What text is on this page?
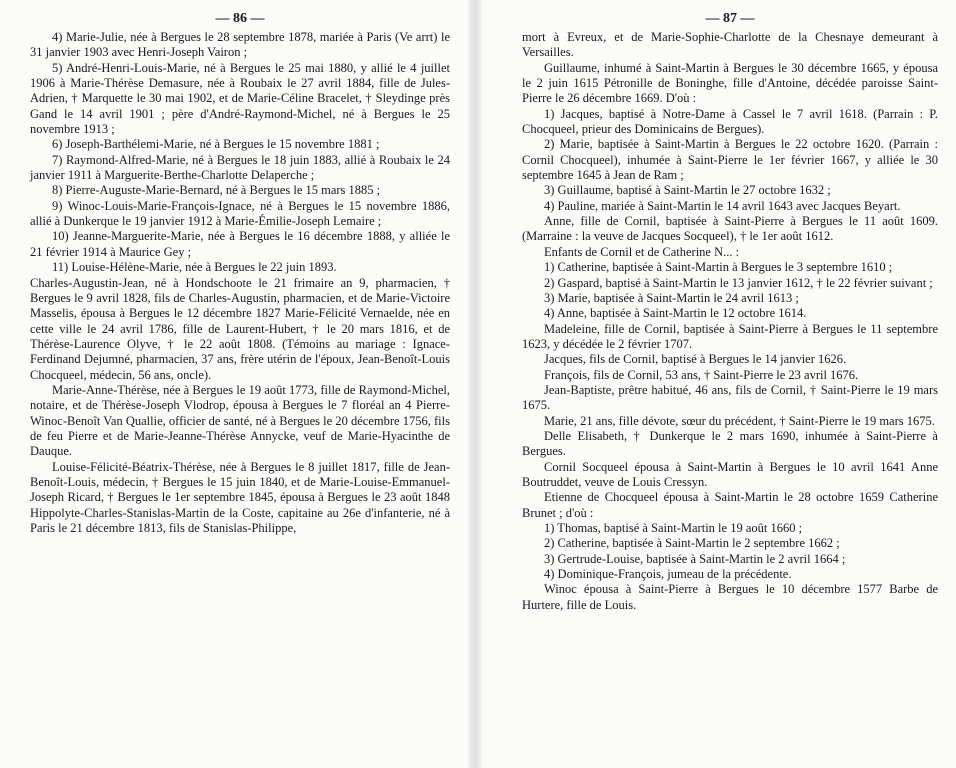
— 86 —

4) Marie-Julie, née à Bergues le 28 septembre 1878, mariée à Paris (Ve arrt) le 31 janvier 1903 avec Henri-Joseph Vairon ;

5) André-Henri-Louis-Marie, né à Bergues le 25 mai 1880, y allié le 4 juillet 1906 à Marie-Thérèse Demasure, née à Roubaix le 27 avril 1884, fille de Jules-Adrien, † Marquette le 30 mai 1902, et de Marie-Céline Bracelet, † Sleydinge près Gand le 14 avril 1901 ; père d'André-Raymond-Michel, né à Bergues le 25 novembre 1913 ;

6) Joseph-Barthélemi-Marie, né à Bergues le 15 novembre 1881 ;

7) Raymond-Alfred-Marie, né à Bergues le 18 juin 1883, allié à Roubaix le 24 janvier 1911 à Marguerite-Berthe-Charlotte Delaperche ;

8) Pierre-Auguste-Marie-Bernard, né à Bergues le 15 mars 1885 ;

9) Winoc-Louis-Marie-François-Ignace, né à Bergues le 15 novembre 1886, allié à Dunkerque le 19 janvier 1912 à Marie-Émilie-Joseph Lemaire ;

10) Jeanne-Marguerite-Marie, née à Bergues le 16 décembre 1888, y alliée le 21 février 1914 à Maurice Gey ;

11) Louise-Hélène-Marie, née à Bergues le 22 juin 1893.

Charles-Augustin-Jean, né à Hondschoote le 21 frimaire an 9, pharmacien, † Bergues le 9 avril 1828, fils de Charles-Augustin, pharmacien, et de Marie-Victoire Masselis, épousa à Bergues le 12 décembre 1827 Marie-Félicité Vernaelde, née en cette ville le 24 avril 1786, fille de Laurent-Hubert, † le 20 mars 1816, et de Thérèse-Laurence Olyve, † le 22 août 1808. (Témoins au mariage : Ignace-Ferdinand Dejumné, pharmacien, 37 ans, frère utérin de l'époux, Jean-Benoît-Louis Chocqueel, médecin, 56 ans, oncle).

Marie-Anne-Thérèse, née à Bergues le 19 août 1773, fille de Raymond-Michel, notaire, et de Thérèse-Joseph Vlodrop, épousa à Bergues le 7 floréal an 4 Pierre-Winoc-Benoît Van Quallie, officier de santé, né à Bergues le 20 décembre 1756, fils de feu Pierre et de Marie-Jeanne-Thérèse Annycke, veuf de Marie-Hyacinthe de Dauque.

Louise-Félicité-Béatrix-Thérèse, née à Bergues le 8 juillet 1817, fille de Jean-Benoît-Louis, médecin, † Bergues le 15 juin 1840, et de Marie-Louise-Emmanuel-Joseph Ricard, † Bergues le 1er septembre 1845, épousa à Bergues le 23 août 1848 Hippolyte-Charles-Stanislas-Martin de la Coste, capitaine au 26e d'infanterie, né à Paris le 21 décembre 1813, fils de Stanislas-Philippe,

— 87 —

mort à Evreux, et de Marie-Sophie-Charlotte de la Chesnaye demeurant à Versailles.

Guillaume, inhumé à Saint-Martin à Bergues le 30 décembre 1665, y épousa le 2 juin 1615 Pétronille de Boninghe, fille d'Antoine, décédée paroisse Saint-Pierre le 26 décembre 1669. D'où :

1) Jacques, baptisé à Notre-Dame à Cassel le 7 avril 1618. (Parrain : P. Chocqueel, prieur des Dominicains de Bergues).

2) Marie, baptisée à Saint-Martin à Bergues le 22 octobre 1620. (Parrain : Cornil Chocqueel), inhumée à Saint-Pierre le 1er février 1667, y alliée le 30 septembre 1645 à Jean de Ram ;

3) Guillaume, baptisé à Saint-Martin le 27 octobre 1632 ;

4) Pauline, mariée à Saint-Martin le 14 avril 1643 avec Jacques Beyart.

Anne, fille de Cornil, baptisée à Saint-Pierre à Bergues le 11 août 1609. (Marraine : la veuve de Jacques Socqueel), † le 1er août 1612.

Enfants de Cornil et de Catherine N... :

1) Catherine, baptisée à Saint-Martin à Bergues le 3 septembre 1610 ;

2) Gaspard, baptisé à Saint-Martin le 13 janvier 1612, † le 22 février suivant ;

3) Marie, baptisée à Saint-Martin le 24 avril 1613 ;

4) Anne, baptisée à Saint-Martin le 12 octobre 1614.

Madeleine, fille de Cornil, baptisée à Saint-Pierre à Bergues le 11 septembre 1623, y décédée le 2 février 1707.

Jacques, fils de Cornil, baptisé à Bergues le 14 janvier 1626.

François, fils de Cornil, 53 ans, † Saint-Pierre le 23 avril 1676.

Jean-Baptiste, prêtre habitué, 46 ans, fils de Cornil, † Saint-Pierre le 19 mars 1675.

Marie, 21 ans, fille dévote, sœur du précédent, † Saint-Pierre le 19 mars 1675.

Delle Elisabeth, † Dunkerque le 2 mars 1690, inhumée à Saint-Pierre à Bergues.

Cornil Socqueel épousa à Saint-Martin à Bergues le 10 avril 1641 Anne Boutruddet, veuve de Louis Cressyn.

Etienne de Chocqueel épousa à Saint-Martin le 28 octobre 1659 Catherine Brunet ; d'où :

1) Thomas, baptisé à Saint-Martin le 19 août 1660 ;

2) Catherine, baptisée à Saint-Martin le 2 septembre 1662 ;

3) Gertrude-Louise, baptisée à Saint-Martin le 2 avril 1664 ;

4) Dominique-François, jumeau de la précédente.

Winoc épousa à Saint-Pierre à Bergues le 10 décembre 1577 Barbe de Hurtere, fille de Louis.
